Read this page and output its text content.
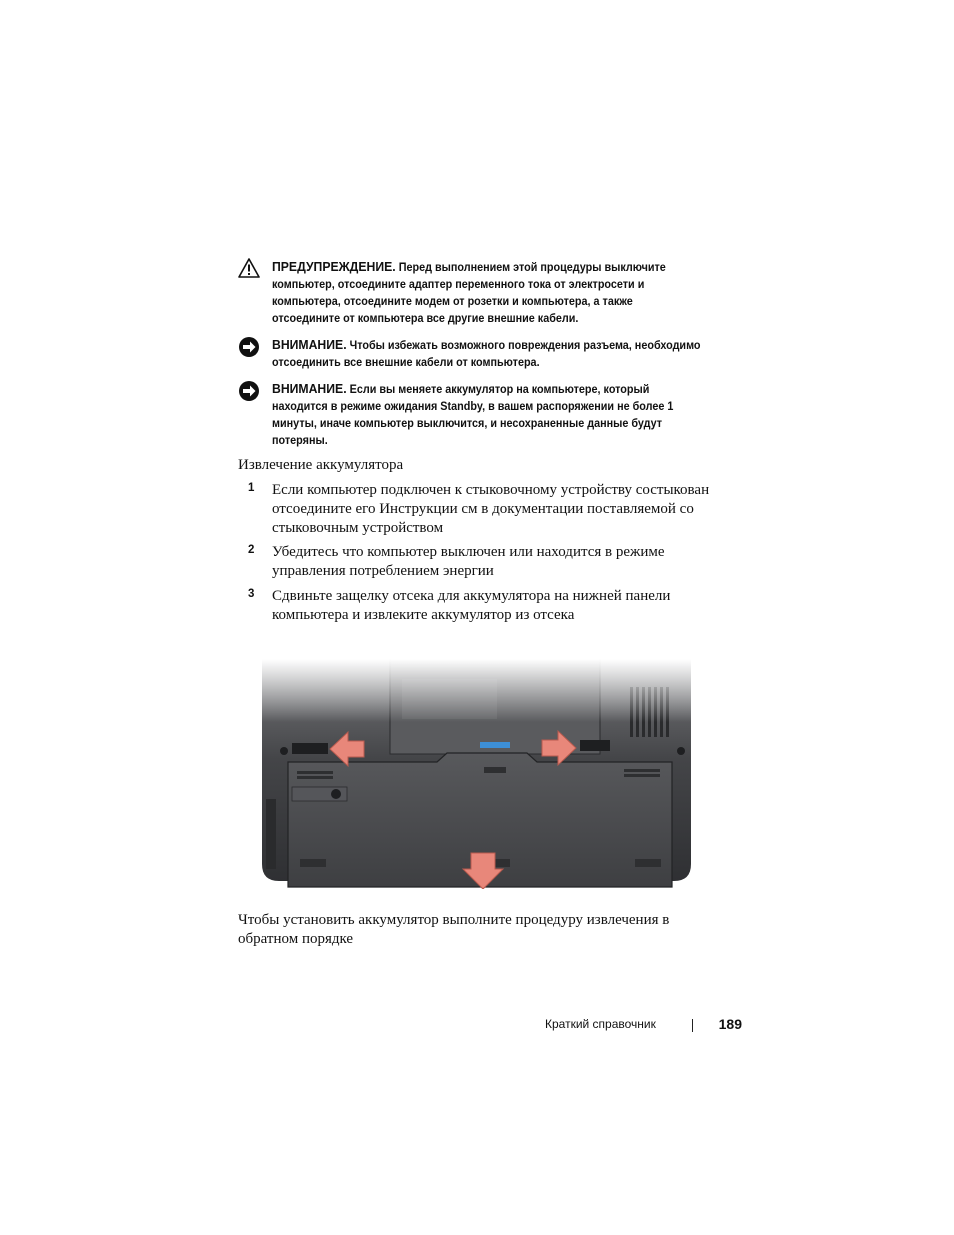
ПРЕДУПРЕЖДЕНИЕ. Перед выполнением этой процедуры выключите компьютер, отсоедините адаптер переменного тока от электросети и компьютера, отсоедините модем от розетки и компьютера, а также отсоедините от компьютера все другие внешние кабели.
ВНИМАНИЕ. Чтобы избежать возможного повреждения разъема, необходимо отсоединить все внешние кабели от компьютера.
ВНИМАНИЕ. Если вы меняете аккумулятор на компьютере, который находится в режиме ожидания Standby, в вашем распоряжении не более 1 минуты, иначе компьютер выключится, и несохраненные данные будут потеряны.
Извлечение аккумулятора
1 Если компьютер подключен к стыковочному устройству состыкован отсоедините его Инструкции см в документации поставляемой со стыковочным устройством
2 Убедитесь что компьютер выключен или находится в режиме управления потреблением энергии
3 Сдвиньте защелку отсека для аккумулятора на нижней панели компьютера и извлеките аккумулятор из отсека
Чтобы установить аккумулятор выполните процедуру извлечения в обратном порядке
Краткий справочник	189
